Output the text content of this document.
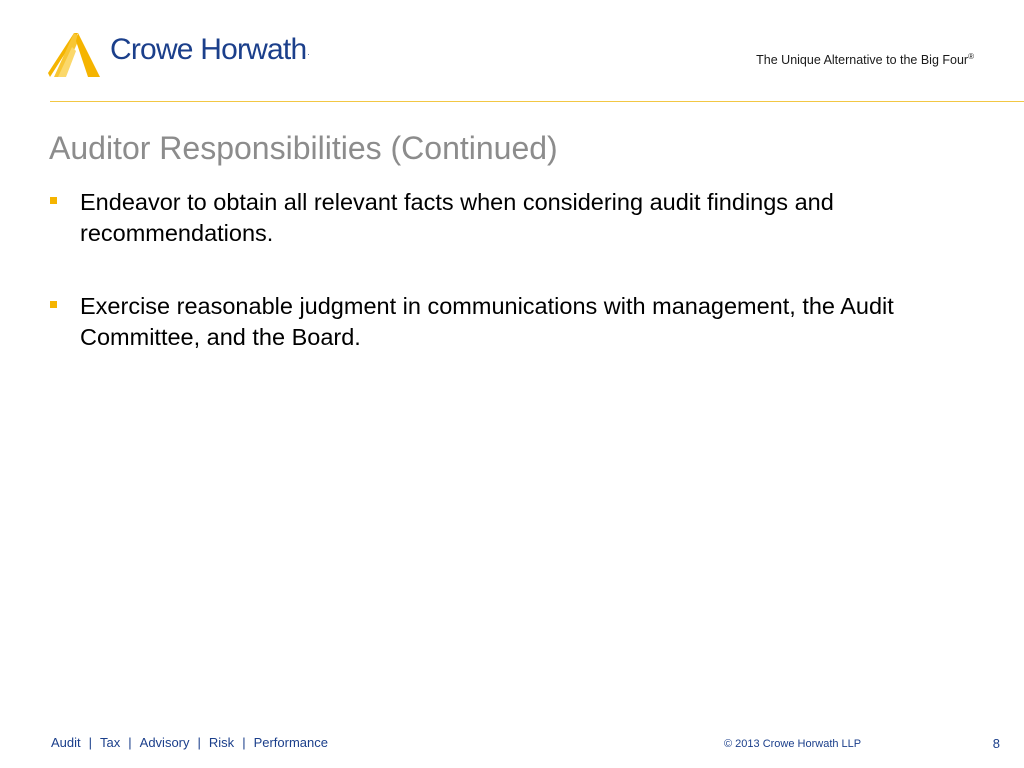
Crowe Horwath.
The Unique Alternative to the Big Four®
Auditor Responsibilities (Continued)
Endeavor to obtain all relevant facts when considering audit findings and recommendations.
Exercise reasonable judgment in communications with management, the Audit Committee, and the Board.
Audit | Tax | Advisory | Risk | Performance	© 2013 Crowe Horwath LLP	8
